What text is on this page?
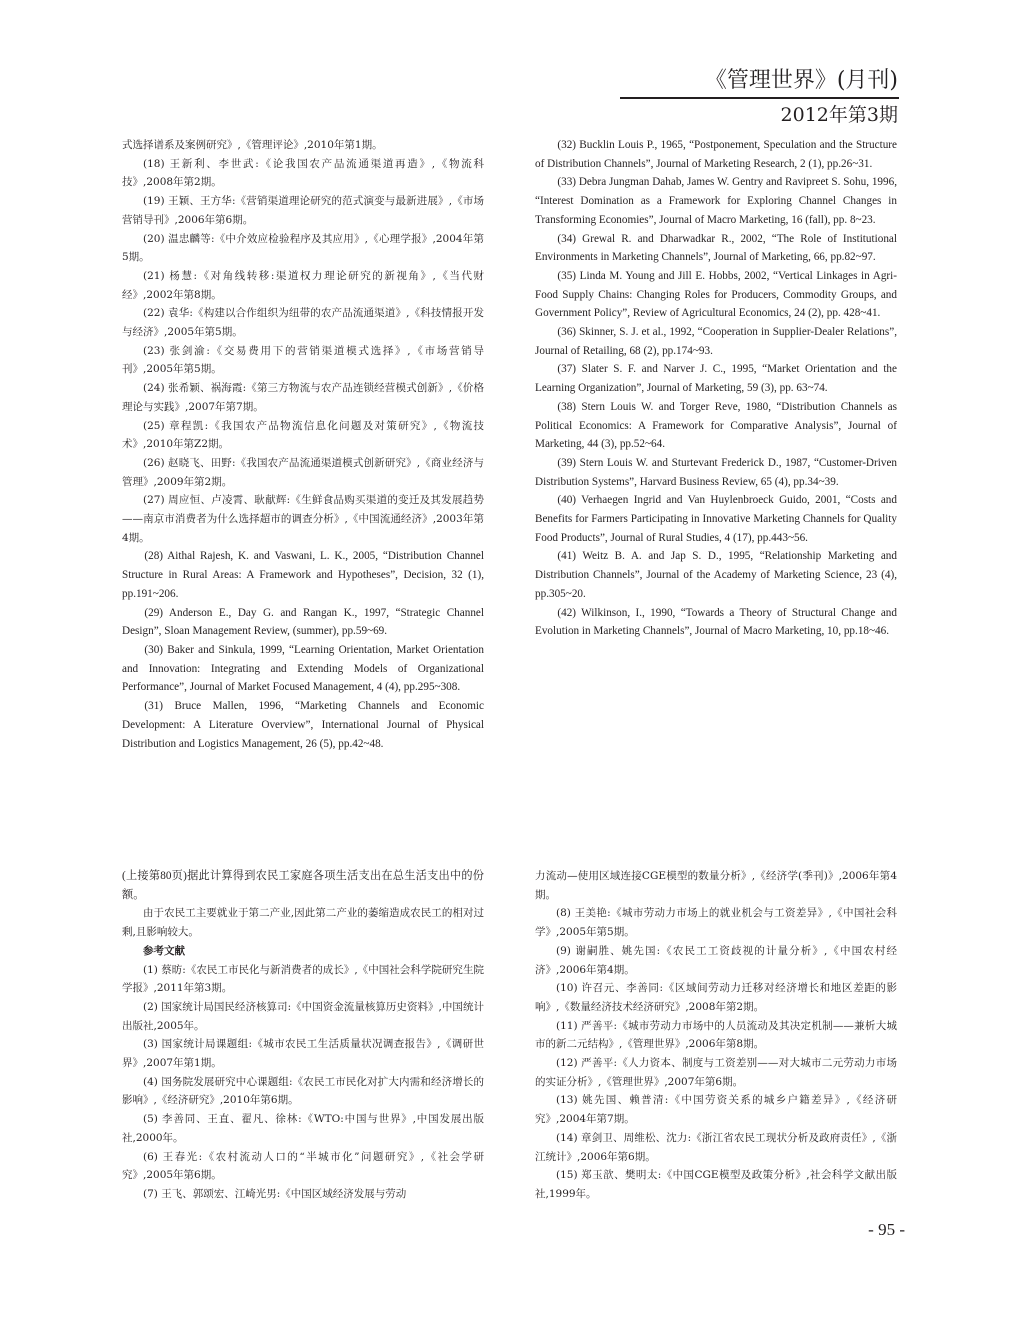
《管理世界》(月刊)
2012年第3期

式选择谱系及案例研究》,《管理评论》,2010年第1期。

(18) 王新利、李世武:《论我国农产品流通渠道再造》,《物流科技》,2008年第2期。

(19) 王颖、王方华:《营销渠道理论研究的范式演变与最新进展》,《市场营销导刊》,2006年第6期。

(20) 温忠麟等:《中介效应检验程序及其应用》,《心理学报》,2004年第5期。

(21) 杨慧:《对角线转移:渠道权力理论研究的新视角》,《当代财经》,2002年第8期。

(22) 袁华:《构建以合作组织为纽带的农产品流通渠道》,《科技情报开发与经济》,2005年第5期。

(23) 张剑渝:《交易费用下的营销渠道模式选择》,《市场营销导刊》,2005年第5期。

(24) 张希颖、祸海霞:《第三方物流与农产品连锁经营模式创新》,《价格理论与实践》,2007年第7期。

(25) 章程凯:《我国农产品物流信息化问题及对策研究》,《物流技术》,2010年第Z2期。

(26) 赵晓飞、田野:《我国农产品流通渠道模式创新研究》,《商业经济与管理》,2009年第2期。

(27) 周应恒、卢凌霄、耿献辉:《生鲜食品购买渠道的变迁及其发展趋势——南京市消费者为什么选择超市的调查分析》,《中国流通经济》,2003年第4期。

(28) Aithal Rajesh, K. and Vaswani, L. K., 2005, “Distribution Channel Structure in Rural Areas: A Framework and Hypotheses”, Decision, 32 (1), pp.191~206.

(29) Anderson E., Day G. and Rangan K., 1997, “Strategic Channel Design”, Sloan Management Review, (summer), pp.59~69.

(30) Baker and Sinkula, 1999, “Learning Orientation, Market Orientation and Innovation: Integrating and Extending Models of Organizational Performance”, Journal of Market Focused Management, 4 (4), pp.295~308.

(31) Bruce Mallen, 1996, “Marketing Channels and Economic Development: A Literature Overview”, International Journal of Physical Distribution and Logistics Management, 26 (5), pp.42~48.

(32) Bucklin Louis P., 1965, “Postponement, Speculation and the Structure of Distribution Channels”, Journal of Marketing Research, 2 (1), pp.26~31.

(33) Debra Jungman Dahab, James W. Gentry and Ravipreet S. Sohu, 1996, “Interest Domination as a Framework for Exploring Channel Changes in Transforming Economies”, Journal of Macro Marketing, 16 (fall), pp. 8~23.

(34) Grewal R. and Dharwadkar R., 2002, “The Role of Institutional Environments in Marketing Channels”, Journal of Marketing, 66, pp.82~97.

(35) Linda M. Young and Jill E. Hobbs, 2002, “Vertical Linkages in Agri-Food Supply Chains: Changing Roles for Producers, Commodity Groups, and Government Policy”, Review of Agricultural Economics, 24 (2), pp. 428~41.

(36) Skinner, S. J. et al., 1992, “Cooperation in Supplier-Dealer Relations”, Journal of Retailing, 68 (2), pp.174~93.

(37) Slater S. F. and Narver J. C., 1995, “Market Orientation and the Learning Organization”, Journal of Marketing, 59 (3), pp. 63~74.

(38) Stern Louis W. and Torger Reve, 1980, “Distribution Channels as Political Economics: A Framework for Comparative Analysis”, Journal of Marketing, 44 (3), pp.52~64.

(39) Stern Louis W. and Sturtevant Frederick D., 1987, “Customer-Driven Distribution Systems”, Harvard Business Review, 65 (4), pp.34~39.

(40) Verhaegen Ingrid and Van Huylenbroeck Guido, 2001, “Costs and Benefits for Farmers Participating in Innovative Marketing Channels for Quality Food Products”, Journal of Rural Studies, 4 (17), pp.443~56.

(41) Weitz B. A. and Jap S. D., 1995, “Relationship Marketing and Distribution Channels”, Journal of the Academy of Marketing Science, 23 (4), pp.305~20.

(42) Wilkinson, I., 1990, “Towards a Theory of Structural Change and Evolution in Marketing Channels”, Journal of Macro Marketing, 10, pp.18~46.

(上接第80页)据此计算得到农民工家庭各项生活支出在总生活支出中的份额。

由于农民工主要就业于第二产业,因此第二产业的萎缩造成农民工的相对过剩,且影响较大。

参考文献

(1) 蔡昉:《农民工市民化与新消费者的成长》,《中国社会科学院研究生院学报》,2011年第3期。

(2) 国家统计局国民经济核算司:《中国资金流量核算历史资料》,中国统计出版社,2005年。

(3) 国家统计局课题组:《城市农民工生活质量状况调查报告》,《调研世界》,2007年第1期。

(4) 国务院发展研究中心课题组:《农民工市民化对扩大内需和经济增长的影响》,《经济研究》,2010年第6期。

(5) 李善同、王直、翟凡、徐林:《WTO:中国与世界》,中国发展出版社,2000年。

(6) 王春光:《农村流动人口的“半城市化”问题研究》,《社会学研究》,2005年第6期。

(7) 王飞、郭颂宏、江崎光男:《中国区域经济发展与劳动

力流动—使用区域连接CGE模型的数量分析》,《经济学(季刊)》,2006年第4期。

(8) 王美艳:《城市劳动力市场上的就业机会与工资差异》,《中国社会科学》,2005年第5期。

(9) 谢嗣胜、姚先国:《农民工工资歧视的计量分析》,《中国农村经济》,2006年第4期。

(10) 许召元、李善同:《区域间劳动力迁移对经济增长和地区差距的影响》,《数量经济技术经济研究》,2008年第2期。

(11) 严善平:《城市劳动力市场中的人员流动及其决定机制——兼析大城市的新二元结构》,《管理世界》,2006年第8期。

(12) 严善平:《人力资本、制度与工资差别——对大城市二元劳动力市场的实证分析》,《管理世界》,2007年第6期。

(13) 姚先国、赖普清:《中国劳资关系的城乡户籍差异》,《经济研究》,2004年第7期。

(14) 章剑卫、周维松、沈力:《浙江省农民工现状分析及政府责任》,《浙江统计》,2006年第6期。

(15) 郑玉歆、樊明太:《中国CGE模型及政策分析》,社会科学文献出版社,1999年。

- 95 -
